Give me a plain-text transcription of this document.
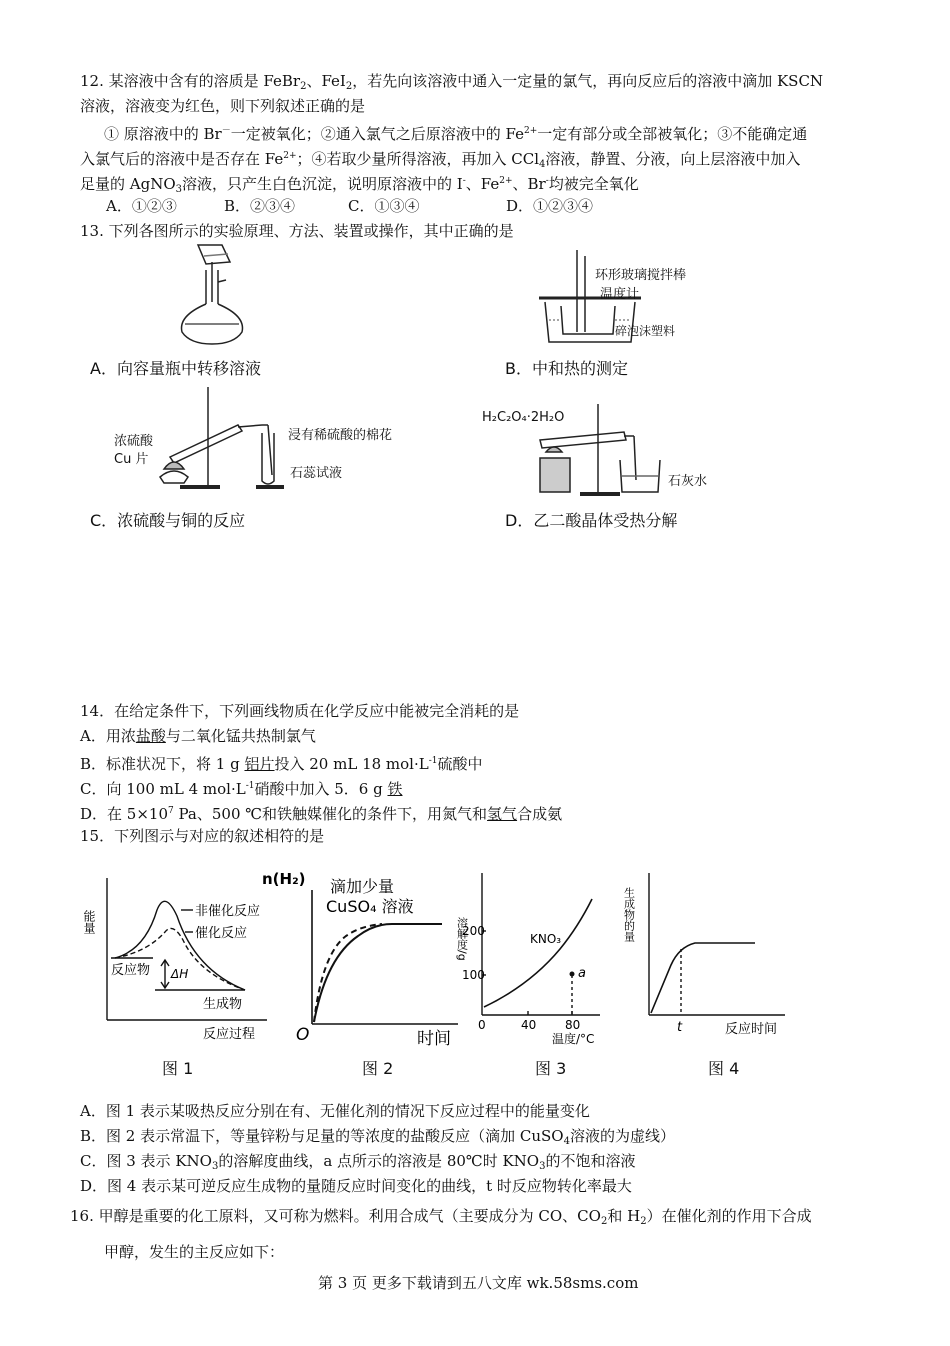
12. 某溶液中含有的溶质是 FeBr$_2$、FeI$_2$，若先向该溶液中通入一定量的氯气，再向反应后的溶液中滴加 KSCN
溶液，溶液变为红色，则下列叙述正确的是
① 原溶液中的 Br－一定被氧化；②通入氯气之后原溶液中的 $Fe^{2+}$一定有部分或全部被氧化；③不能确定通
入氯气后的溶液中是否存在 $Fe^{2+}$；④若取少量所得溶液，再加入 CCl$_4$溶液，静置、分液，向上层溶液中加入
足量的 AgNO$_3$溶液，只产生白色沉淀，说明原溶液中的 I-、$Fe^{2+}$、Br-均被完全氧化
A．①②③	B．②③④	C．①③④	D．①②③④
13. 下列各图所示的实验原理、方法、装置或操作，其中正确的是
A．向容量瓶中转移溶液
环形玻璃搅拌棒
温度计
碎泡沫塑料
B．中和热的测定
浓硫酸
Cu 片
浸有稀硫酸的棉花
石蕊试液
C．浓硫酸与铜的反应
H₂C₂O₄·2H₂O
石灰水
D．乙二酸晶体受热分解
14．在给定条件下，下列画线物质在化学反应中能被完全消耗的是
A．用浓盐酸与二氧化锰共热制氯气
B．标准状况下，将 1 g 铝片投入 20 mL 18 $mol\cdot L^{-1}$硫酸中
C．向 100 mL 4 $mol\cdot L^{-1}$硝酸中加入 5．6 g 铁
D．在 $5\times 10^7$ Pa、500 ℃和铁触媒催化的条件下，用氮气和氢气合成氨
15．下列图示与对应的叙述相符的是
能量	非催化反应
催化反应
反应物 ΔH
生成物
反应过程
图 1
n(H₂) 滴加少量
CuSO₄ 溶液
O	时间
图 2
溶解度/g
100
200
0	40 80
KNO₃
a
温度/°C
图 3
生成物的量
t	反应时间
图 4
A．图 1 表示某吸热反应分别在有、无催化剂的情况下反应过程中的能量变化
B．图 2 表示常温下，等量锌粉与足量的等浓度的盐酸反应（滴加 CuSO$_4$溶液的为虚线）
C．图 3 表示 $KNO_3$的溶解度曲线，a 点所示的溶液是 80℃时 $KNO_3$的不饱和溶液
D．图 4 表示某可逆反应生成物的量随反应时间变化的曲线，t 时反应物转化率最大
16. 甲醇是重要的化工原料，又可称为燃料。利用合成气（主要成分为 CO、$CO_2$和 $H_2$）在催化剂的作用下合成
甲醇，发生的主反应如下：
第 3 页 更多下载请到五八文库 wk.58sms.com
